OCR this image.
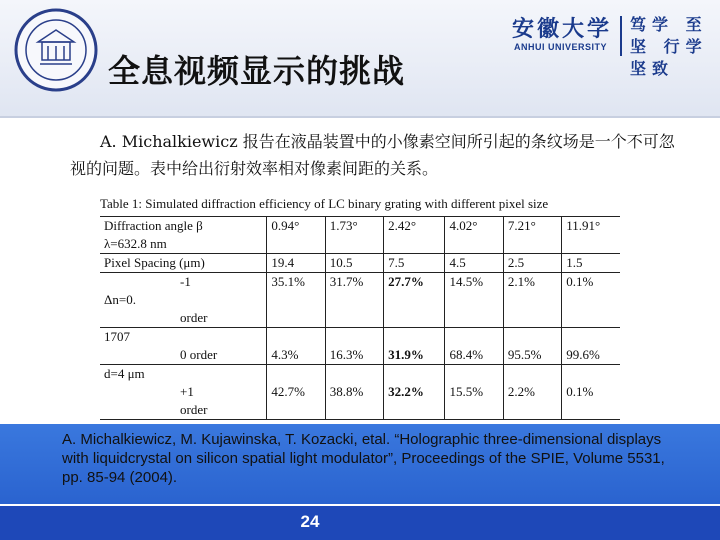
全息视频显示的挑战
安徽大学
ANHUI UNIVERSITY
笃学 至坚 行学 坚致
A. Michalkiewicz 报告在液晶装置中的小像素空间所引起的条纹场是一个不可忽视的问题。表中给出衍射效率相对像素间距的关系。
Table 1: Simulated diffraction efficiency of LC binary grating with different pixel size
Diffraction angle β	0.94°	1.73°	2.42°	4.02°	7.21°	11.91°
λ=632.8 nm						
Pixel Spacing (μm)	19.4	10.5	7.5	4.5	2.5	1.5
-1	35.1%	31.7%	27.7%	14.5%	2.1%	0.1%
Δn=0.						
order						
1707						
0 order	4.3%	16.3%	31.9%	68.4%	95.5%	99.6%
d=4 μm						
+1	42.7%	38.8%	32.2%	15.5%	2.2%	0.1%
order						
A. Michalkiewicz, M. Kujawinska, T. Kozacki, etal. “Holographic three-dimensional displays with liquidcrystal on silicon spatial light modulator”, Proceedings of the SPIE, Volume 5531, pp. 85-94 (2004).
24
